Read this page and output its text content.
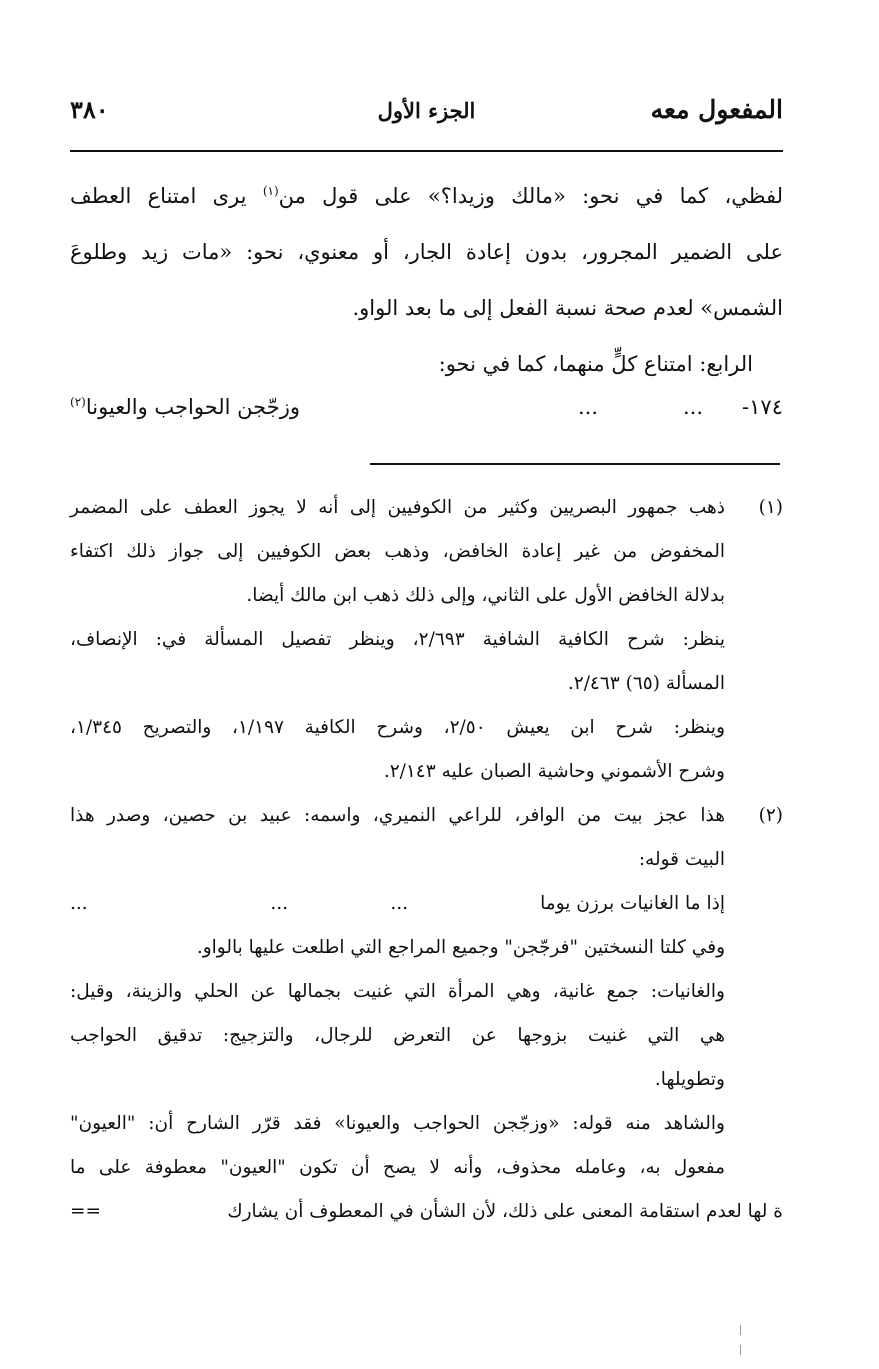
المفعول معه
الجزء الأول
٣٨٠
لفظي، كما في نحو: «مالك وزيدا؟» على قول من$^{(١)}$ يرى امتناع العطف
على الضمير المجرور، بدون إعادة الجار، أو معنوي، نحو: «مات زيد وطلوعَ
الشمس» لعدم صحة نسبة الفعل إلى ما بعد الواو.
الرابع: امتناع كلٍّ منهما، كما في نحو:
١٧٤-
...
...
وزجّجن الحواجب والعيونا$^{(٢)}$
(١)
ذهب جمهور البصريين وكثير من الكوفيين إلى أنه لا يجوز العطف على المضمر
المخفوض من غير إعادة الخافض، وذهب بعض الكوفيين إلى جواز ذلك اكتفاء
بدلالة الخافض الأول على الثاني، وإلى ذلك ذهب ابن مالك أيضا.
ينظر: شرح الكافية الشافية ٢/٦٩٣، وينظر تفصيل المسألة في: الإنصاف،
المسألة (٦٥) ٢/٤٦٣.
وينظر: شرح ابن يعيش ٢/٥٠، وشرح الكافية ١/١٩٧، والتصريح ١/٣٤٥،
وشرح الأشموني وحاشية الصبان عليه ٢/١٤٣.
(٢)
هذا عجز بيت من الوافر، للراعي النميري، واسمه: عبيد بن حصين، وصدر هذا
البيت قوله:
إذا ما الغانيات برزن يوما
...
...
...
وفي كلتا النسختين "فرجّجن" وجميع المراجع التي اطلعت عليها بالواو.
والغانيات: جمع غانية، وهي المرأة التي غنيت بجمالها عن الحلي والزينة، وقيل:
هي التي غنيت بزوجها عن التعرض للرجال، والتزجيج: تدقيق الحواجب
وتطويلها.
والشاهد منه قوله: «وزجّجن الحواجب والعيونا» فقد قرّر الشارح أن: "العيون"
مفعول به، وعامله محذوف، وأنه لا يصح أن تكون "العيون" معطوفة على ما
ة لها لعدم استقامة المعنى على ذلك، لأن الشأن في المعطوف أن يشارك
==
